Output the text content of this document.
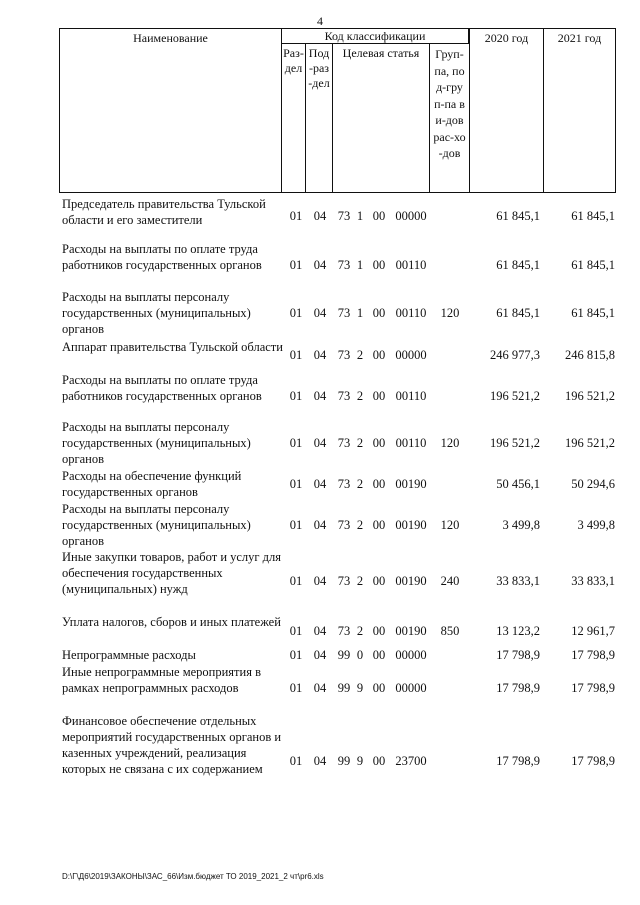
4
Наименование	Код классификации
Раз-дел
Под-раз-дел
Целевая статья	Груп-па, под-груп-па ви-дов рас-хо-дов
2020 год	2021 год
Председатель правительства Тульской области и его заместители	01 04 73 1 00 00000	61 845,1	61 845,1
Расходы на выплаты по оплате труда работников государственных органов	01 04 73 1 00 00110	61 845,1	61 845,1
Расходы на выплаты персоналу государственных (муниципальных) органов
01 04 73 1 00 00110	120	61 845,1	61 845,1
Аппарат правительства Тульской области
01 04 73 2 00 00000	246 977,3	246 815,8
Расходы на выплаты по оплате труда работников государственных органов	01 04 73 2 00 00110	196 521,2	196 521,2
Расходы на выплаты персоналу государственных (муниципальных) органов
01 04 73 2 00 00110	120	196 521,2	196 521,2
Расходы на обеспечение функций государственных органов
01 04 73 2 00 00190	50 456,1	50 294,6
Расходы на выплаты персоналу государственных (муниципальных) органов
01 04 73 2 00 00190	120	3 499,8	3 499,8
Иные закупки товаров, работ и услуг для обеспечения государственных (муниципальных) нужд
01 04 73 2 00 00190	240	33 833,1	33 833,1
Уплата налогов, сборов и иных платежей
01 04 73 2 00 00190	850	13 123,2	12 961,7
Непрограммные расходы	01 04 99 0 00 00000	17 798,9	17 798,9
Иные непрограммные мероприятия в рамках непрограммных расходов	01 04 99 9 00 00000	17 798,9	17 798,9
Финансовое обеспечение отдельных мероприятий государственных органов и казенных учреждений, реализация которых не связана с их содержанием
01 04 99 9 00 23700	17 798,9	17 798,9
D:\Г\Д6\2019\ЗАКОНЫ\ЗАС_66\Изм.бюджет ТО 2019_2021_2 чт\pr6.xls
